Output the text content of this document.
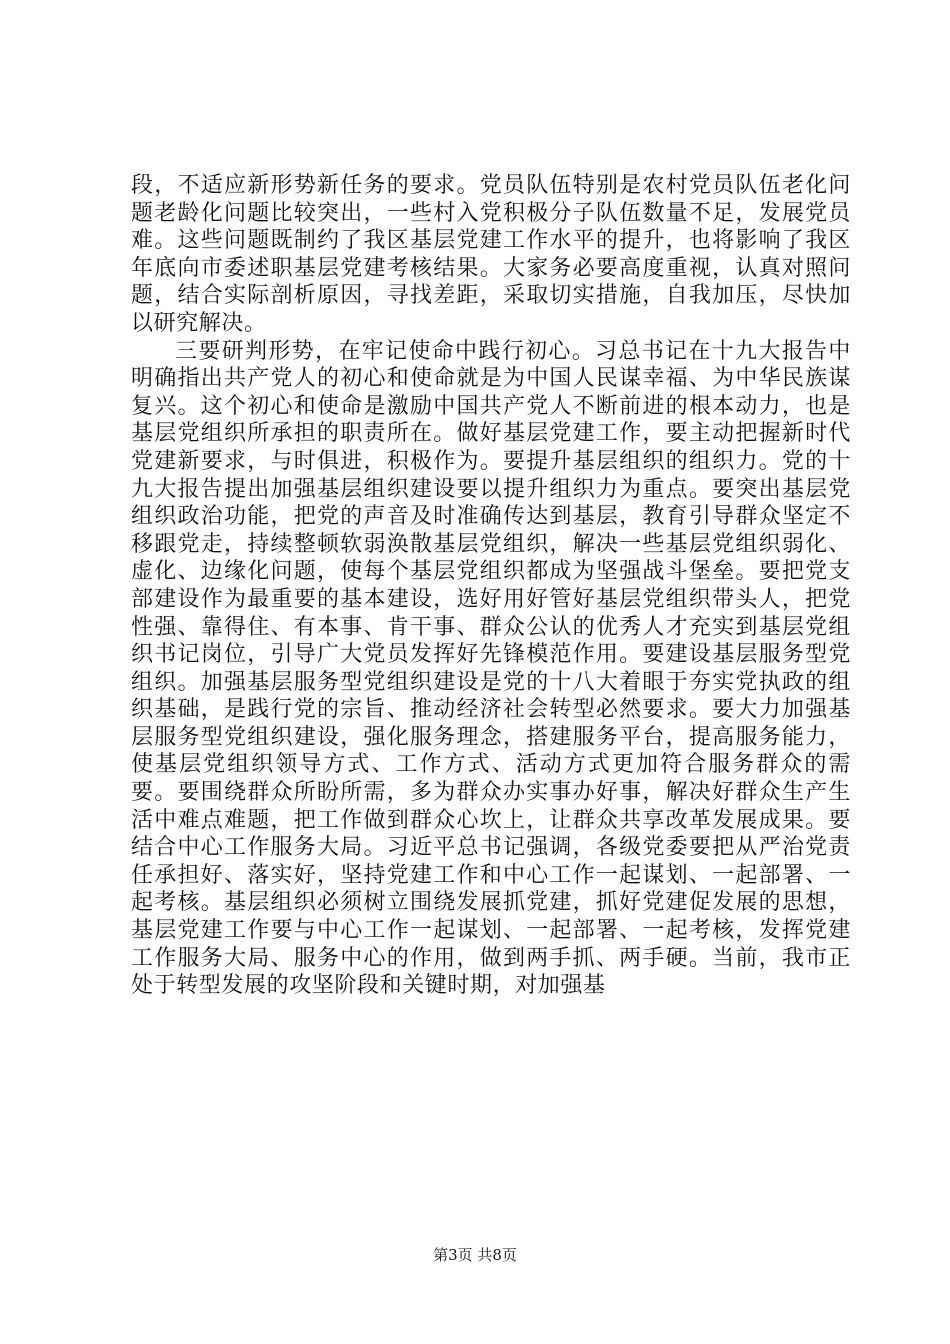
段，不适应新形势新任务的要求。党员队伍特别是农村党员队伍老化问题老龄化问题比较突出，一些村入党积极分子队伍数量不足，发展党员难。这些问题既制约了我区基层党建工作水平的提升，也将影响了我区年底向市委述职基层党建考核结果。大家务必要高度重视，认真对照问题，结合实际剖析原因，寻找差距，采取切实措施，自我加压，尽快加以研究解决。

三要研判形势，在牢记使命中践行初心。习总书记在十九大报告中明确指出共产党人的初心和使命就是为中国人民谋幸福、为中华民族谋复兴。这个初心和使命是激励中国共产党人不断前进的根本动力，也是基层党组织所承担的职责所在。做好基层党建工作，要主动把握新时代党建新要求，与时俱进，积极作为。要提升基层组织的组织力。党的十九大报告提出加强基层组织建设要以提升组织力为重点。要突出基层党组织政治功能，把党的声音及时准确传达到基层，教育引导群众坚定不移跟党走，持续整顿软弱涣散基层党组织，解决一些基层党组织弱化、虚化、边缘化问题，使每个基层党组织都成为坚强战斗堡垒。要把党支部建设作为最重要的基本建设，选好用好管好基层党组织带头人，把党性强、靠得住、有本事、肯干事、群众公认的优秀人才充实到基层党组织书记岗位，引导广大党员发挥好先锋模范作用。要建设基层服务型党组织。加强基层服务型党组织建设是党的十八大着眼于夯实党执政的组织基础，是践行党的宗旨、推动经济社会转型必然要求。要大力加强基层服务型党组织建设，强化服务理念，搭建服务平台，提高服务能力，使基层党组织领导方式、工作方式、活动方式更加符合服务群众的需要。要围绕群众所盼所需，多为群众办实事办好事，解决好群众生产生活中难点难题，把工作做到群众心坎上，让群众共享改革发展成果。要结合中心工作服务大局。习近平总书记强调，各级党委要把从严治党责任承担好、落实好，坚持党建工作和中心工作一起谋划、一起部署、一起考核。基层组织必须树立围绕发展抓党建，抓好党建促发展的思想，基层党建工作要与中心工作一起谋划、一起部署、一起考核，发挥党建工作服务大局、服务中心的作用，做到两手抓、两手硬。当前，我市正处于转型发展的攻坚阶段和关键时期，对加强基

第3页 共8页
